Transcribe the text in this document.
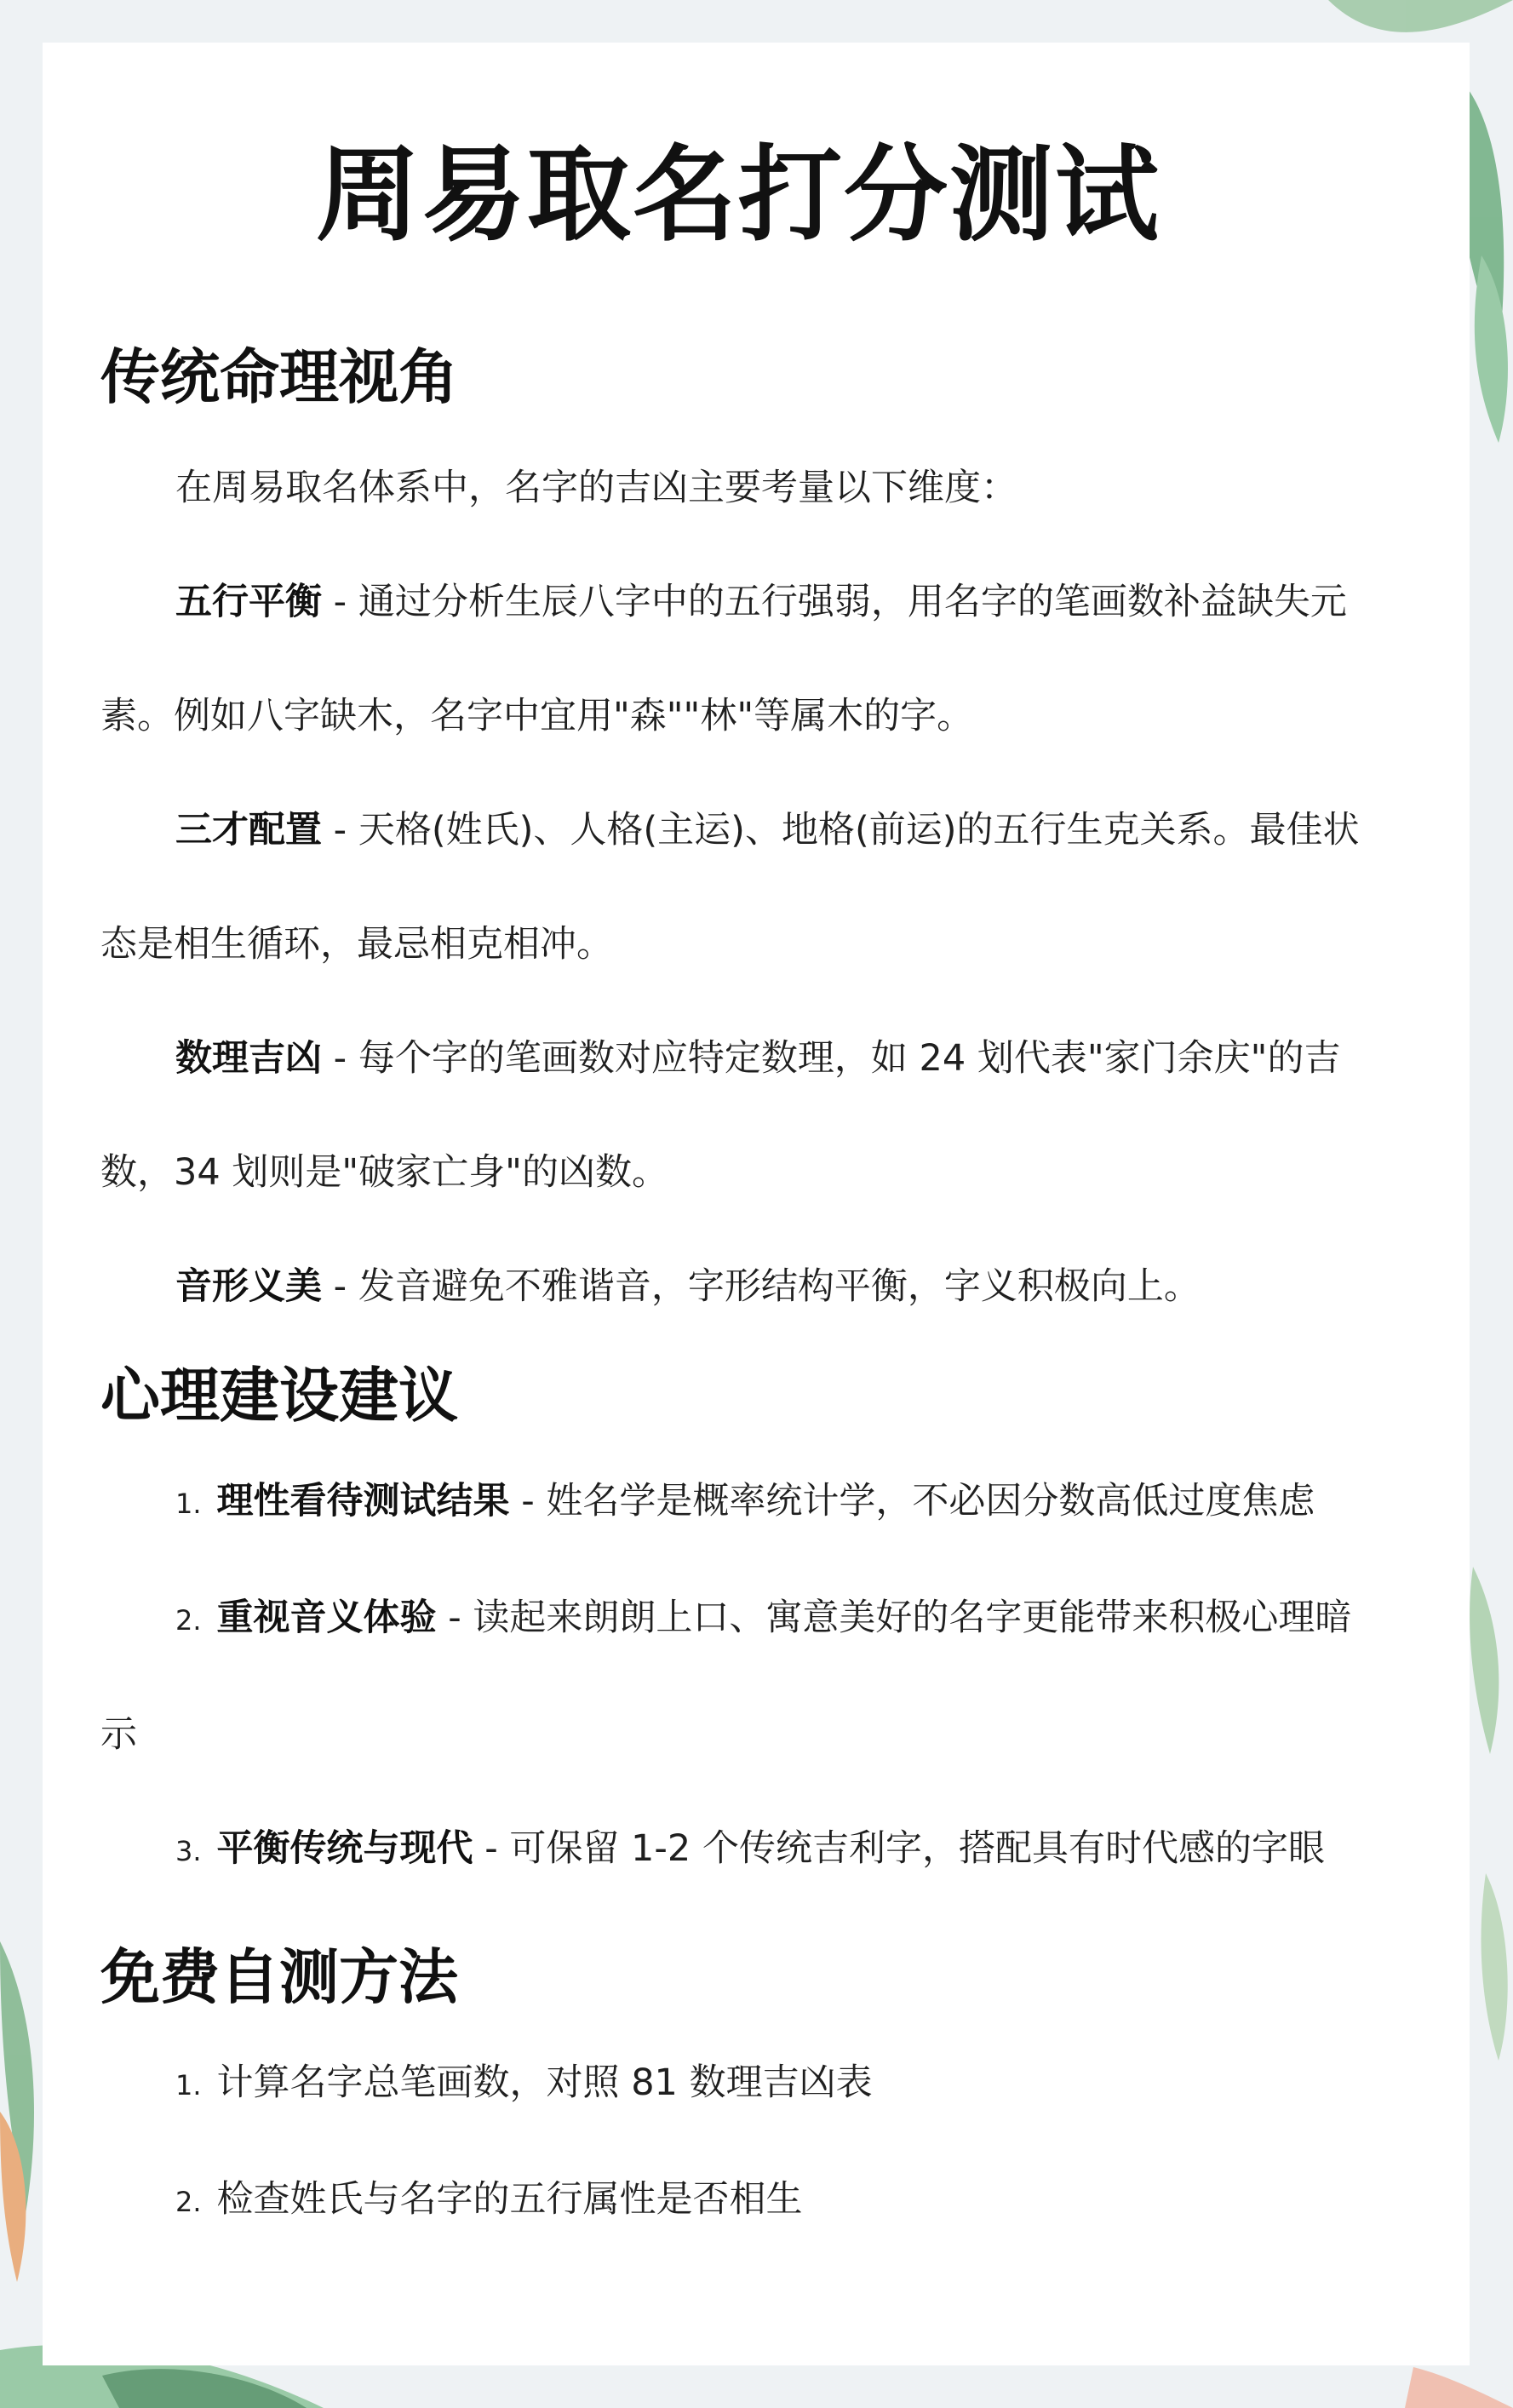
周易取名打分测试
传统命理视角

在周易取名体系中，名字的吉凶主要考量以下维度：

五行平衡 - 通过分析生辰八字中的五行强弱，用名字的笔画数补益缺失元素。例如八字缺木，名字中宜用"森""林"等属木的字。

三才配置 - 天格(姓氏)、人格(主运)、地格(前运)的五行生克关系。最佳状态是相生循环，最忌相克相冲。

数理吉凶 - 每个字的笔画数对应特定数理，如 24 划代表"家门余庆"的吉数，34 划则是"破家亡身"的凶数。

音形义美 - 发音避免不雅谐音，字形结构平衡，字义积极向上。

心理建设建议
1. 理性看待测试结果 - 姓名学是概率统计学，不必因分数高低过度焦虑
2. 重视音义体验 - 读起来朗朗上口、寓意美好的名字更能带来积极心理暗示
3. 平衡传统与现代 - 可保留 1-2 个传统吉利字，搭配具有时代感的字眼
免费自测方法
1. 计算名字总笔画数，对照 81 数理吉凶表
2. 检查姓氏与名字的五行属性是否相生
